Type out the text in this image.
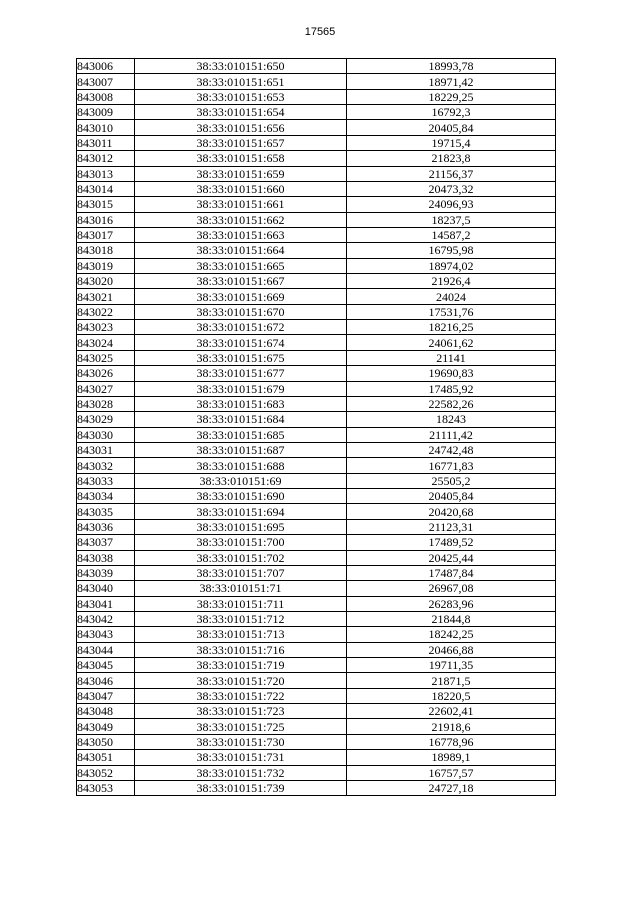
17565
843006	38:33:010151:650	18993,78
843007	38:33:010151:651	18971,42
843008	38:33:010151:653	18229,25
843009	38:33:010151:654	16792,3
843010	38:33:010151:656	20405,84
843011	38:33:010151:657	19715,4
843012	38:33:010151:658	21823,8
843013	38:33:010151:659	21156,37
843014	38:33:010151:660	20473,32
843015	38:33:010151:661	24096,93
843016	38:33:010151:662	18237,5
843017	38:33:010151:663	14587,2
843018	38:33:010151:664	16795,98
843019	38:33:010151:665	18974,02
843020	38:33:010151:667	21926,4
843021	38:33:010151:669	24024
843022	38:33:010151:670	17531,76
843023	38:33:010151:672	18216,25
843024	38:33:010151:674	24061,62
843025	38:33:010151:675	21141
843026	38:33:010151:677	19690,83
843027	38:33:010151:679	17485,92
843028	38:33:010151:683	22582,26
843029	38:33:010151:684	18243
843030	38:33:010151:685	21111,42
843031	38:33:010151:687	24742,48
843032	38:33:010151:688	16771,83
843033	38:33:010151:69	25505,2
843034	38:33:010151:690	20405,84
843035	38:33:010151:694	20420,68
843036	38:33:010151:695	21123,31
843037	38:33:010151:700	17489,52
843038	38:33:010151:702	20425,44
843039	38:33:010151:707	17487,84
843040	38:33:010151:71	26967,08
843041	38:33:010151:711	26283,96
843042	38:33:010151:712	21844,8
843043	38:33:010151:713	18242,25
843044	38:33:010151:716	20466,88
843045	38:33:010151:719	19711,35
843046	38:33:010151:720	21871,5
843047	38:33:010151:722	18220,5
843048	38:33:010151:723	22602,41
843049	38:33:010151:725	21918,6
843050	38:33:010151:730	16778,96
843051	38:33:010151:731	18989,1
843052	38:33:010151:732	16757,57
843053	38:33:010151:739	24727,18
